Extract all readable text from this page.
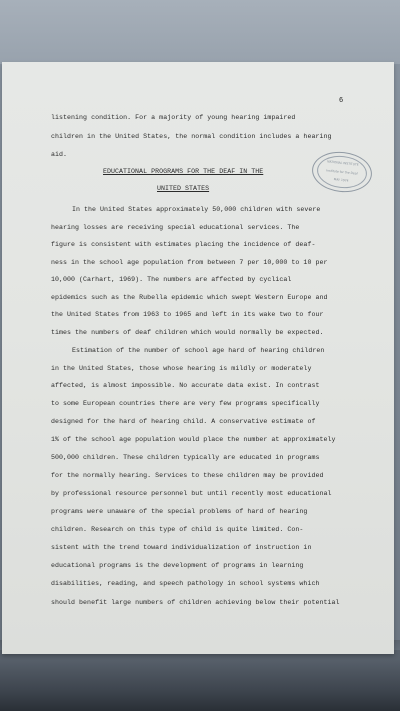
6
NATIONAL INSTITUTE
Institute for the Deaf
MAY 1974
listening condition. For a majority of young hearing impaired
children in the United States, the normal condition includes a hearing
aid.
EDUCATIONAL PROGRAMS FOR THE DEAF IN THE
UNITED STATES
In the United States approximately 50,000 children with severe
hearing losses are receiving special educational services. The
figure is consistent with estimates placing the incidence of deaf-
ness in the school age population from between 7 per 10,000 to 10 per
10,000 (Carhart, 1969). The numbers are affected by cyclical
epidemics such as the Rubella epidemic which swept Western Europe and
the United States from 1963 to 1965 and left in its wake two to four
times the numbers of deaf children which would normally be expected.
Estimation of the number of school age hard of hearing children
in the United States, those whose hearing is mildly or moderately
affected, is almost impossible. No accurate data exist. In contrast
to some European countries there are very few programs specifically
designed for the hard of hearing child. A conservative estimate of
1% of the school age population would place the number at approximately
500,000 children. These children typically are educated in programs
for the normally hearing. Services to these children may be provided
by professional resource personnel but until recently most educational
programs were unaware of the special problems of hard of hearing
children. Research on this type of child is quite limited. Con-
sistent with the trend toward individualization of instruction in
educational programs is the development of programs in learning
disabilities, reading, and speech pathology in school systems which
should benefit large numbers of children achieving below their potential
